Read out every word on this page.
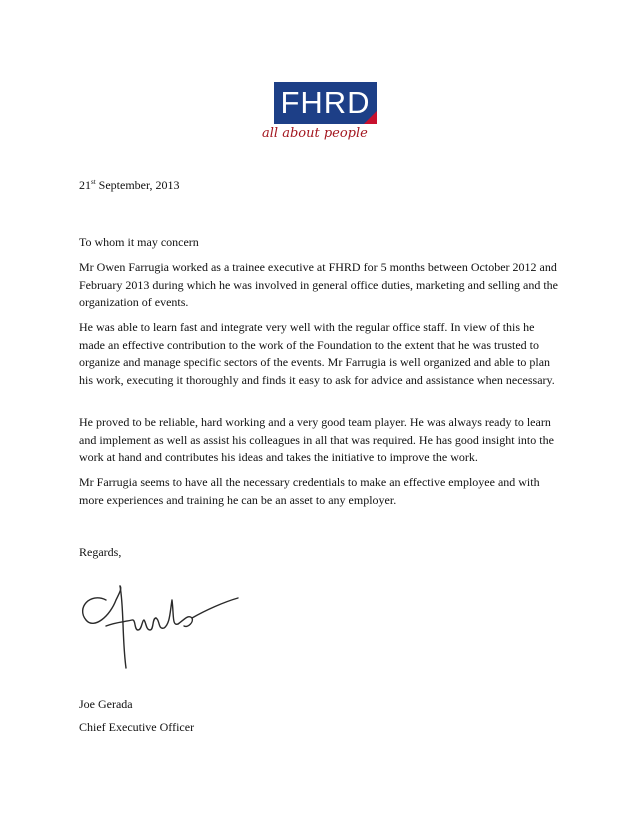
FHRD
all about people
21st September, 2013
To whom it may concern

Mr Owen Farrugia worked as a trainee executive at FHRD for 5 months between October 2012 and February 2013 during which he was involved in general office duties, marketing and selling and the organization of events.

He was able to learn fast and integrate very well with the regular office staff. In view of this he made an effective contribution to the work of the Foundation to the extent that he was trusted to organize and manage specific sectors of the events. Mr Farrugia is well organized and able to plan his work, executing it thoroughly and finds it easy to ask for advice and assistance when necessary.

He proved to be reliable, hard working and a very good team player. He was always ready to learn and implement as well as assist his colleagues in all that was required. He has good insight into the work at hand and contributes his ideas and takes the initiative to improve the work.

Mr Farrugia seems to have all the necessary credentials to make an effective employee and with more experiences and training he can be an asset to any employer.

Regards,
Joe Gerada
Chief Executive Officer
